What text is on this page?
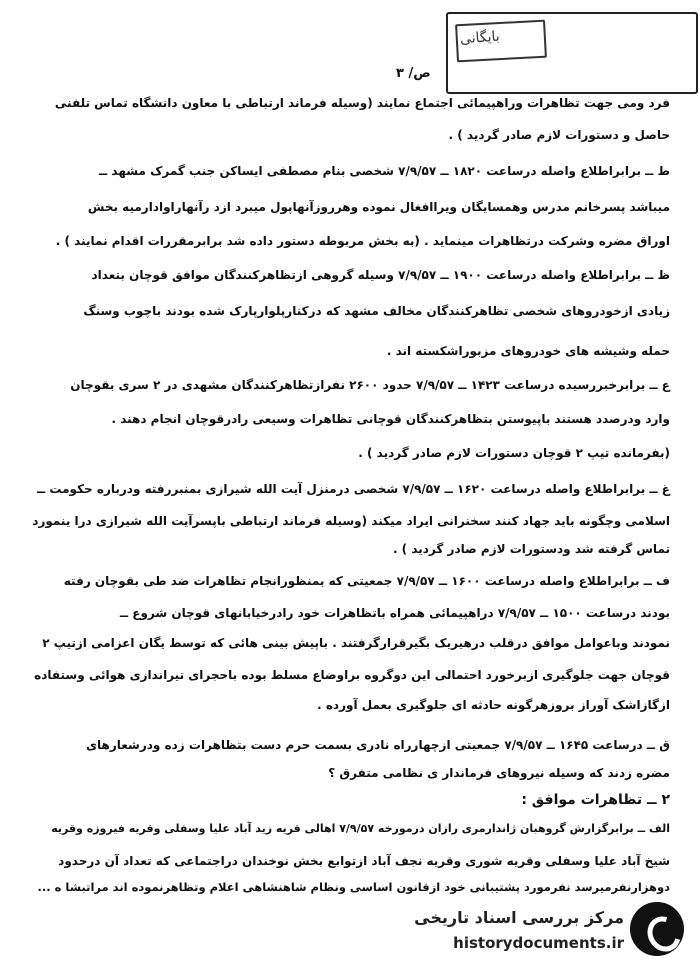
بایگانی
ص/ ۳
فرد ومی جهت تظاهرات وراهپیمائی اجتماع نمایند (وسیله فرماند ارتباطی با معاون دانشگاه تماس تلفنی
حاصل و دستورات لازم صادر گردید ) .
ط ــ برابراطلاع واصله درساعت ۱۸۲۰ ــ ۷/۹/۵۷ شخصی بنام مصطفی ایساکن جنب گمرک مشهد ــ
میباشد پسرخانم مدرس وهمسایگان ویراافغال نموده وهرروزآنهاپول میبرد ازد رآنهاراوادارمیه بخش
اوراق مضره وشرکت درتظاهرات مینماید . (به بخش مربوطه دستور داده شد برابرمقررات اقدام نمایند ) .
ظ ــ برابراطلاع واصله درساعت ۱۹۰۰ ــ ۷/۹/۵۷ وسیله گروهی ازتظاهرکنندگان موافق قوچان بتعداد
زیادی ازخودروهای شخصی تظاهرکنندگان مخالف مشهد که درکنارپلوارپارک شده بودند باچوب وسنگ
حمله وشیشه های خودروهای مزبوراشکسته اند .
ع ــ برابرخبررسیده درساعت ۱۴۲۳ ــ ۷/۹/۵۷ حدود ۲۶۰۰ نفرازتظاهرکنندگان مشهدی در ۲ سری بقوچان
وارد ودرصدد هستند باپیوستن بتظاهرکنندگان قوچانی تظاهرات وسیعی رادرقوچان انجام دهند .
(بفرمانده تیپ ۲ قوچان دستورات لازم صادر گردید ) .
غ ــ برابراطلاع واصله درساعت ۱۶۲۰ ــ ۷/۹/۵۷ شخصی درمنزل آیت الله شیرازی بمنبررفته ودرباره حکومت ــ
اسلامی وچگونه باید جهاد کنند سخنرانی ایراد میکند (وسیله فرماند ارتباطی باپسرآیت الله شیرازی درا ینمورد
تماس گرفته شد ودستورات لازم صادر گردید ) .
ف ــ برابراطلاع واصله درساعت ۱۶۰۰ ــ ۷/۹/۵۷ جمعیتی که بمنظورانجام تظاهرات ضد طی بقوچان رفته
بودند درساعت ۱۵۰۰ ــ ۷/۹/۵۷ دراهپیمائی همراه باتظاهرات خود رادرخیابانهای قوچان شروع ــ
نمودند وباعوامل موافق درقلب درهیریک بگیرقرارگرفتند . باپیش بینی هائی که توسط یگان اعزامی ازتیپ ۲
قوچان جهت جلوگیری ازبرخورد احتمالی این دوگروه براوضاع مسلط بوده باحجرای تیراندازی هوائی وستفاده
ازگازاشک آوراز بروزهرگونه حادثه ای جلوگیری بعمل آورده .
ق ــ درساعت ۱۶۴۵ ــ ۷/۹/۵۷ جمعیتی ازچهارراه نادری بسمت حرم دست بتظاهرات زده ودرشعارهای
مضره زدند که وسیله نیروهای فرماندار ی نظامی متفرق ؟
۲ ــ تظاهرات موافق :
الف ــ برابرگزارش گروهبان ژاندارمری رازان درمورخه ۷/۹/۵۷ اهالی قریه زید آباد علیا وسفلی وقریه فیروزه وقریه
شیخ آباد علیا وسفلی وقریه شوری وقریه نجف آباد ازتوابع بخش نوخندان دراجتماعی که تعداد آن درحدود
دوهزارنفرمیرسد نفرمورد پشتیبانی خود ازقانون اساسی ونظام شاهنشاهی اعلام وتظاهرنموده اند مراتبشا ه ...
مرکز بررسی اسناد تاریخی
historydocuments.ir
